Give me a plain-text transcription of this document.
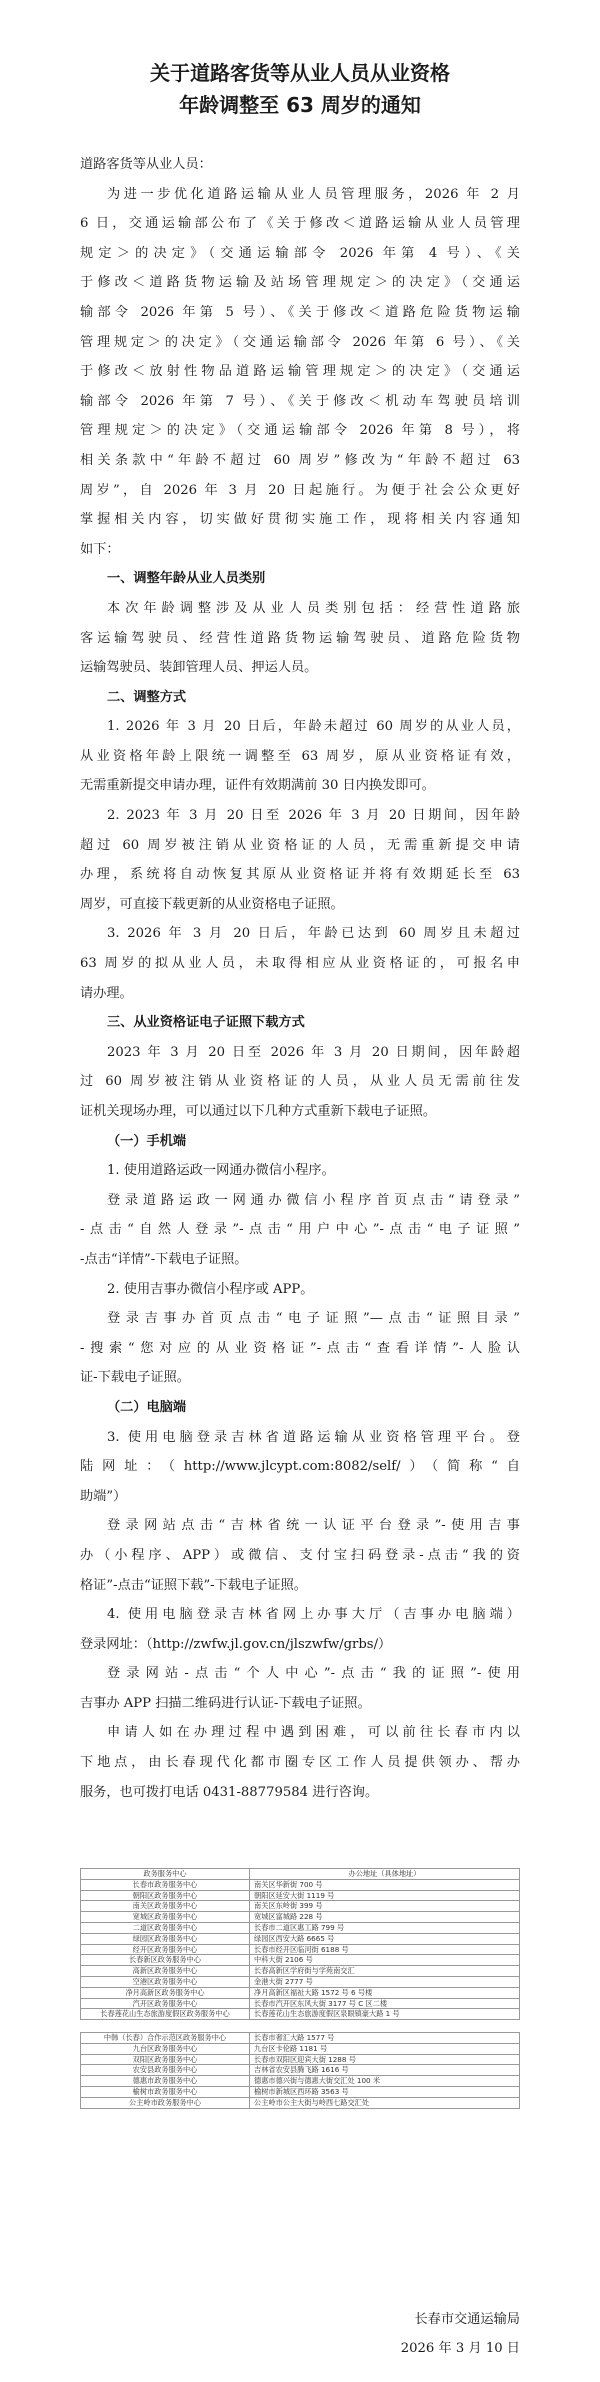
关于道路客货等从业人员从业资格
年龄调整至 63 周岁的通知
道路客货等从业人员：
为进一步优化道路运输从业人员管理服务，2026 年 2 月
6 日，交通运输部公布了《关于修改＜道路运输从业人员管理
规定＞的决定》（交通运输部令 2026 年第 4 号）、《关
于修改＜道路货物运输及站场管理规定＞的决定》（交通运
输部令 2026 年第 5 号）、《关于修改＜道路危险货物运输
管理规定＞的决定》（交通运输部令 2026 年第 6 号）、《关
于修改＜放射性物品道路运输管理规定＞的决定》（交通运
输部令 2026 年第 7 号）、《关于修改＜机动车驾驶员培训
管理规定＞的决定》（交通运输部令 2026 年第 8 号），将
相关条款中“年龄不超过 60 周岁”修改为“年龄不超过 63
周岁”，自 2026 年 3 月 20 日起施行。为便于社会公众更好
掌握相关内容，切实做好贯彻实施工作，现将相关内容通知
如下：
一、调整年龄从业人员类别
本次年龄调整涉及从业人员类别包括：经营性道路旅
客运输驾驶员、经营性道路货物运输驾驶员、道路危险货物
运输驾驶员、装卸管理人员、押运人员。
二、调整方式
1. 2026 年 3 月 20 日后，年龄未超过 60 周岁的从业人员，
从业资格年龄上限统一调整至 63 周岁，原从业资格证有效，
无需重新提交申请办理，证件有效期满前 30 日内换发即可。
2. 2023 年 3 月 20 日至 2026 年 3 月 20 日期间，因年龄
超过 60 周岁被注销从业资格证的人员，无需重新提交申请
办理，系统将自动恢复其原从业资格证并将有效期延长至 63
周岁，可直接下载更新的从业资格电子证照。
3. 2026 年 3 月 20 日后，年龄已达到 60 周岁且未超过
63 周岁的拟从业人员，未取得相应从业资格证的，可报名申
请办理。
三、从业资格证电子证照下载方式
2023 年 3 月 20 日至 2026 年 3 月 20 日期间，因年龄超
过 60 周岁被注销从业资格证的人员，从业人员无需前往发
证机关现场办理，可以通过以下几种方式重新下载电子证照。
（一）手机端
1. 使用道路运政一网通办微信小程序。
登录道路运政一网通办微信小程序首页点击“请登录”
-点击“自然人登录”-点击“用户中心”-点击“电子证照”
-点击“详情”-下载电子证照。
2. 使用吉事办微信小程序或 APP。
登录吉事办首页点击“电子证照”—点击“证照目录”
-搜索“您对应的从业资格证”-点击“查看详情”-人脸认
证-下载电子证照。
（二）电脑端
3. 使用电脑登录吉林省道路运输从业资格管理平台。登
陆网址：（http://www.jlcypt.com:8082/self/）（简称“自
助端”）
登录网站点击“吉林省统一认证平台登录”-使用吉事
办（小程序、APP）或微信、支付宝扫码登录-点击“我的资
格证”-点击“证照下载”-下载电子证照。
4. 使用电脑登录吉林省网上办事大厅（吉事办电脑端）
登录网址：（http://zwfw.jl.gov.cn/jlszwfw/grbs/）
登录网站-点击“个人中心”-点击“我的证照”-使用
吉事办 APP 扫描二维码进行认证-下载电子证照。
申请人如在办理过程中遇到困难，可以前往长春市内以
下地点，由长春现代化都市圈专区工作人员提供领办、帮办
服务，也可拨打电话 0431-88779584 进行咨询。
政务服务中心	办公地址（具体地址）
长春市政务服务中心	南关区华新街 700 号
朝阳区政务服务中心	朝阳区延安大街 1119 号
南关区政务服务中心	南关区东岭街 399 号
宽城区政务服务中心	宽城区富城路 228 号
二道区政务服务中心	长春市二道区惠工路 799 号
绿园区政务服务中心	绿园区西安大路 6665 号
经开区政务服务中心	长春市经开区临河街 6188 号
长春新区政务服务中心	中科大街 2106 号
高新区政务服务中心	长春高新区学府街与学苑南交汇
空港区政务服务中心	金港大街 2777 号
净月高新区政务服务中心	净月高新区福祉大路 1572 号 6 号楼
汽开区政务服务中心	长春市汽开区东风大街 3177 号 C 区二楼
长春莲花山生态旅游度假区政务服务中心	长春莲花山生态旅游度假区泉眼镇豪大路 1 号
中韩（长春）合作示范区政务服务中心	长春市奢汇大路 1577 号
九台区政务服务中心	九台区卡伦路 1181 号
双阳区政务服务中心	长春市双阳区迎宾大街 1288 号
农安县政务服务中心	吉林省农安县腾飞路 1616 号
德惠市政务服务中心	德惠市德兴街与德惠大街交汇处 100 米
榆树市政务服务中心	榆树市新城区西环路 3563 号
公主岭市政务服务中心	公主岭市公主大街与岭西七路交汇处
长春市交通运输局
2026 年 3 月 10 日
